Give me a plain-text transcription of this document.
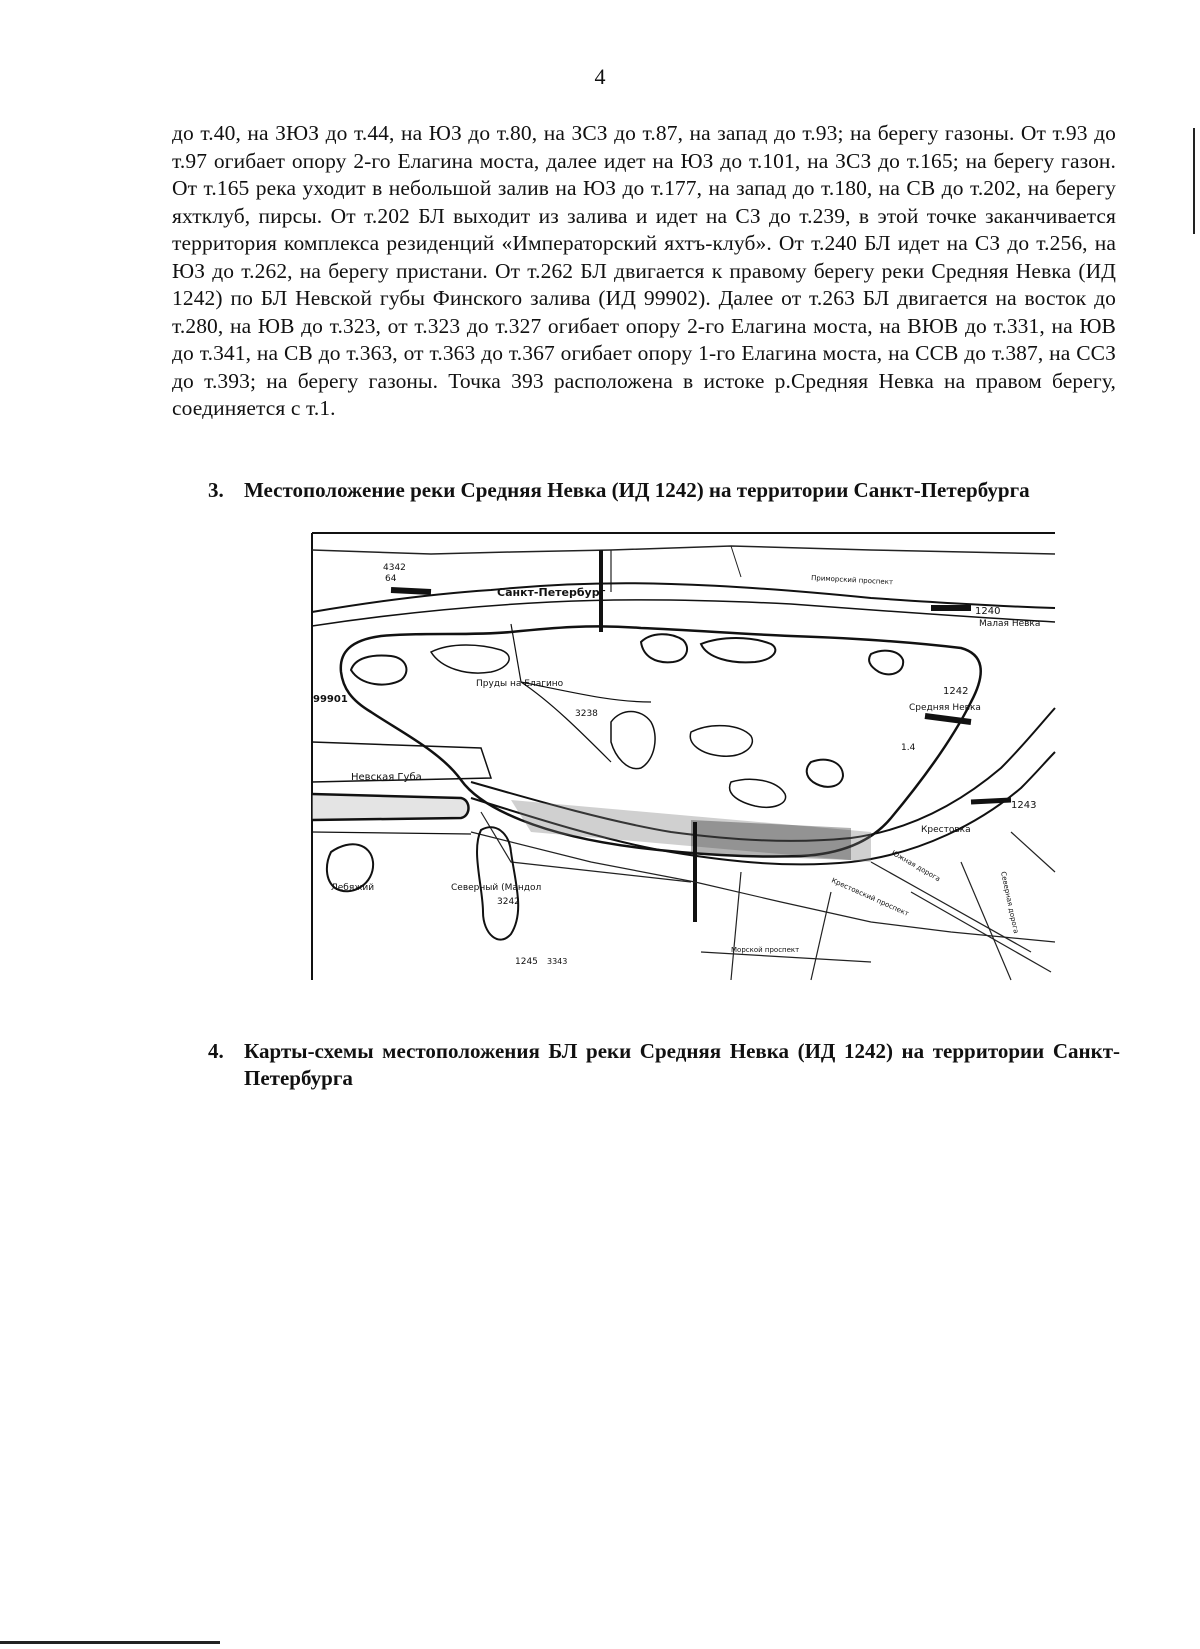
4

до т.40, на ЗЮЗ до т.44, на ЮЗ до т.80, на ЗСЗ до т.87, на запад до т.93; на берегу газоны. От т.93 до т.97 огибает опору 2-го Елагина моста, далее идет на ЮЗ до т.101, на ЗСЗ до т.165; на берегу газон. От т.165 река уходит в небольшой залив на ЮЗ до т.177, на запад до т.180, на СВ до т.202, на берегу яхтклуб, пирсы. От т.202 БЛ выходит из залива и идет на СЗ до т.239, в этой точке заканчивается территория комплекса резиденций «Императорский яхтъ-клуб». От т.240 БЛ идет на СЗ до т.256, на ЮЗ до т.262, на берегу пристани. От т.262 БЛ двигается к правому берегу реки Средняя Невка (ИД 1242) по БЛ Невской губы Финского залива (ИД 99902). Далее от т.263 БЛ двигается на восток до т.280, на ЮВ до т.323, от т.323 до т.327 огибает опору 2-го Елагина моста, на ВЮВ до т.331, на ЮВ до т.341, на СВ до т.363, от т.363 до т.367 огибает опору 1-го Елагина моста, на ССВ до т.387, на ССЗ до т.393; на берегу газоны. Точка 393 расположена в истоке р.Средняя Невка на правом берегу, соединяется с т.1.

3. Местоположение реки Средняя Невка (ИД 1242) на территории Санкт-Петербурга
4342
64
Санкт-Петербург
Приморский проспект
1240
Малая Невка
Пруды на Елагино
3238
1242
Средняя Невка
1.4
99901
Невская Губа
1243
Крестовка
Лебяжий	Северный (Мандол
3242
1245 3343
Морской проспект
Крестовский проспект
Южная дорога
Северная дорога
4. Карты-схемы местоположения БЛ реки Средняя Невка (ИД 1242) на территории Санкт-Петербурга
